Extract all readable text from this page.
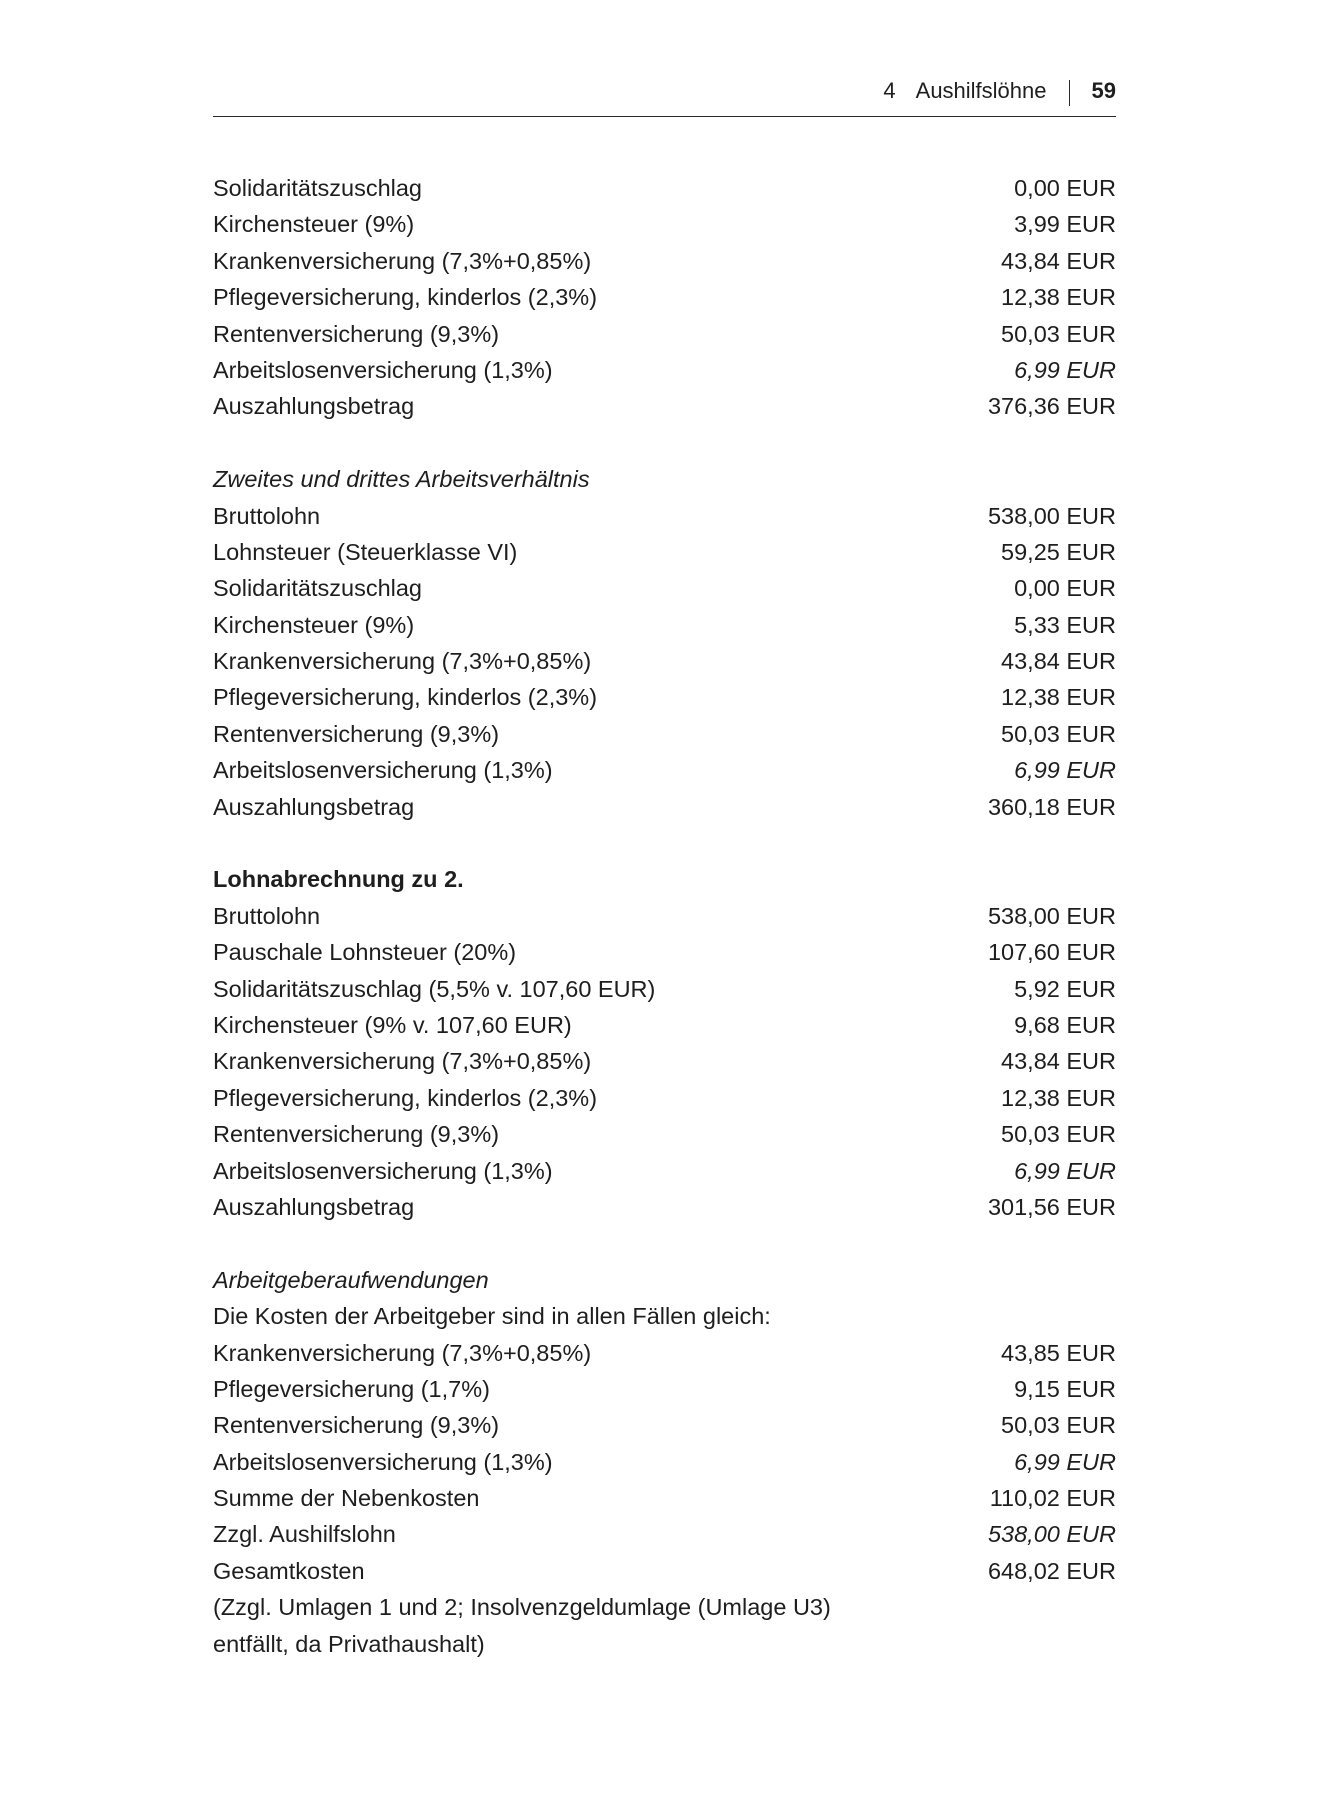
4 Aushilfslöhne 59
Solidaritätszuschlag	0,00 EUR
Kirchensteuer (9%)	3,99 EUR
Krankenversicherung (7,3%+0,85%)	43,84 EUR
Pflegeversicherung, kinderlos (2,3%)	12,38 EUR
Rentenversicherung (9,3%)	50,03 EUR
Arbeitslosenversicherung (1,3%)	6,99 EUR
Auszahlungsbetrag	376,36 EUR
Zweites und drittes Arbeitsverhältnis
Bruttolohn	538,00 EUR
Lohnsteuer (Steuerklasse VI)	59,25 EUR
Solidaritätszuschlag	0,00 EUR
Kirchensteuer (9%)	5,33 EUR
Krankenversicherung (7,3%+0,85%)	43,84 EUR
Pflegeversicherung, kinderlos (2,3%)	12,38 EUR
Rentenversicherung (9,3%)	50,03 EUR
Arbeitslosenversicherung (1,3%)	6,99 EUR
Auszahlungsbetrag	360,18 EUR
Lohnabrechnung zu 2.
Bruttolohn	538,00 EUR
Pauschale Lohnsteuer (20%)	107,60 EUR
Solidaritätszuschlag (5,5% v. 107,60 EUR)	5,92 EUR
Kirchensteuer (9% v. 107,60 EUR)	9,68 EUR
Krankenversicherung (7,3%+0,85%)	43,84 EUR
Pflegeversicherung, kinderlos (2,3%)	12,38 EUR
Rentenversicherung (9,3%)	50,03 EUR
Arbeitslosenversicherung (1,3%)	6,99 EUR
Auszahlungsbetrag	301,56 EUR
Arbeitgeberaufwendungen
Die Kosten der Arbeitgeber sind in allen Fällen gleich:
Krankenversicherung (7,3%+0,85%)	43,85 EUR
Pflegeversicherung (1,7%)	9,15 EUR
Rentenversicherung (9,3%)	50,03 EUR
Arbeitslosenversicherung (1,3%)	6,99 EUR
Summe der Nebenkosten	110,02 EUR
Zzgl. Aushilfslohn	538,00 EUR
Gesamtkosten	648,02 EUR
(Zzgl. Umlagen 1 und 2; Insolvenzgeldumlage (Umlage U3)
entfällt, da Privathaushalt)
